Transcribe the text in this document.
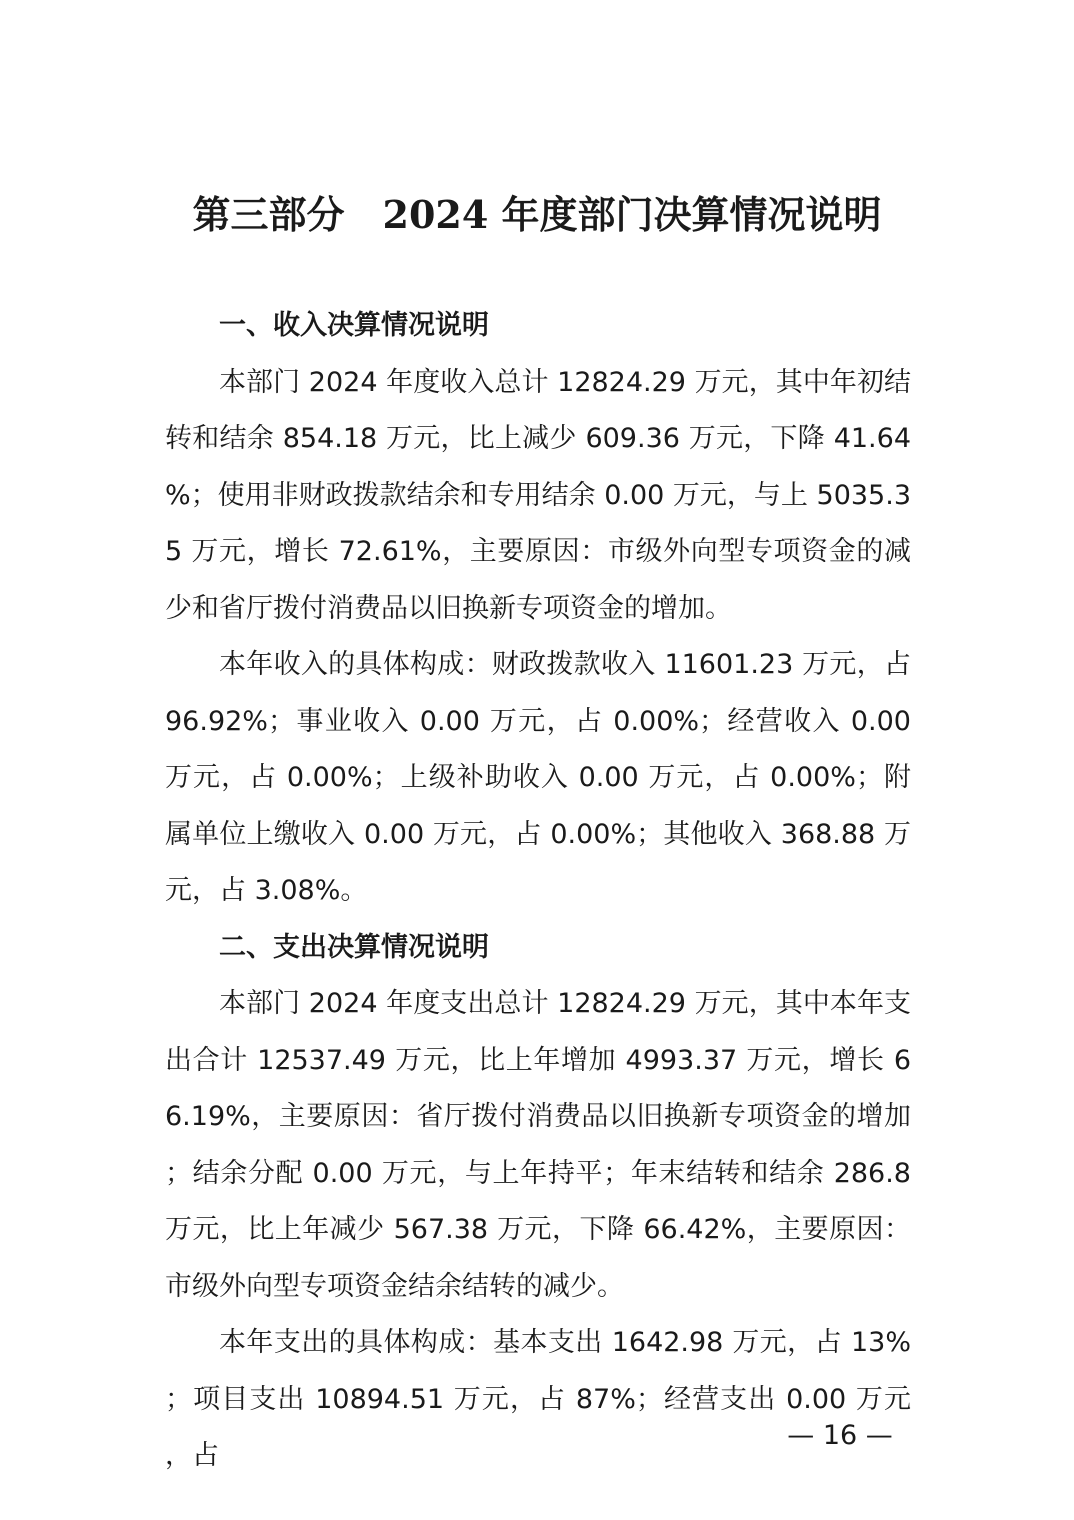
第三部分　2024 年度部门决算情况说明
一、收入决算情况说明

本部门 2024 年度收入总计 12824.29 万元，其中年初结转和结余 854.18 万元，比上减少 609.36 万元，下降 41.64%；使用非财政拨款结余和专用结余 0.00 万元，与上 5035.35 万元，增长 72.61%，主要原因：市级外向型专项资金的减少和省厅拨付消费品以旧换新专项资金的增加。

本年收入的具体构成：财政拨款收入 11601.23 万元，占 96.92%；事业收入 0.00 万元，占 0.00%；经营收入 0.00 万元，占 0.00%；上级补助收入 0.00 万元，占 0.00%；附属单位上缴收入 0.00 万元，占 0.00%；其他收入 368.88 万元，占 3.08%。

二、支出决算情况说明

本部门 2024 年度支出总计 12824.29 万元，其中本年支出合计 12537.49 万元，比上年增加 4993.37 万元，增长 66.19%，主要原因：省厅拨付消费品以旧换新专项资金的增加；结余分配 0.00 万元，与上年持平；年末结转和结余 286.8 万元，比上年减少 567.38 万元，下降 66.42%，主要原因：市级外向型专项资金结余结转的减少。

本年支出的具体构成：基本支出 1642.98 万元，占 13%；项目支出 10894.51 万元，占 87%；经营支出 0.00 万元，占

— 16 —
